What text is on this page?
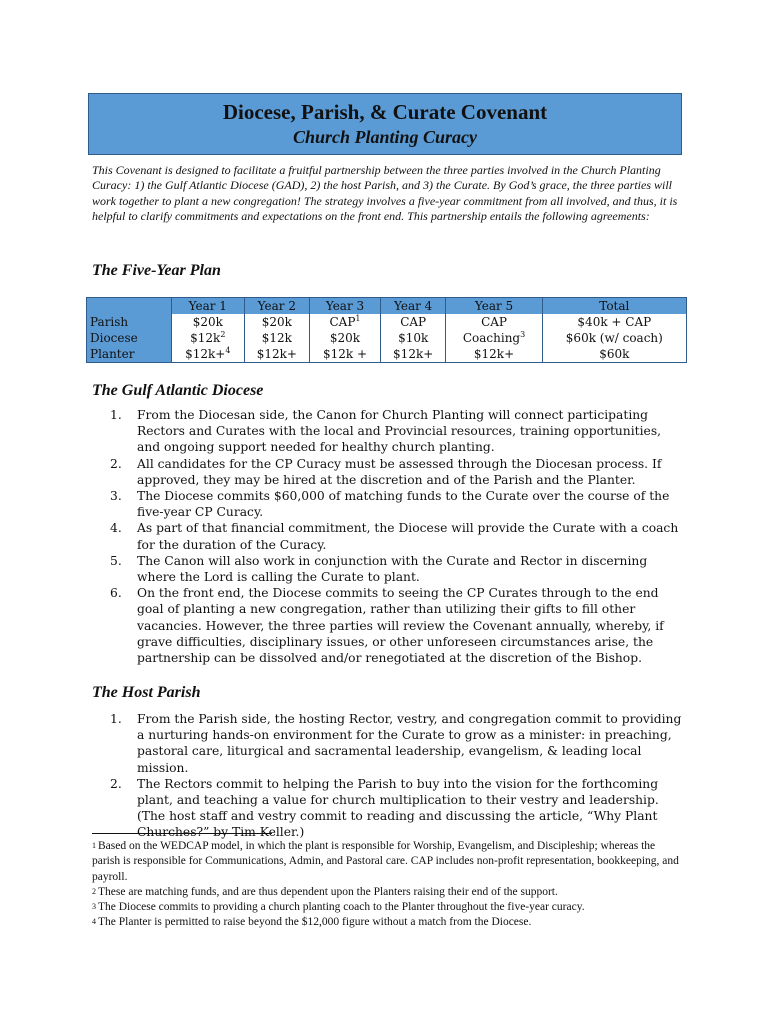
Diocese, Parish, & Curate Covenant
Church Planting Curacy

This Covenant is designed to facilitate a fruitful partnership between the three parties involved in the Church Planting Curacy: 1) the Gulf Atlantic Diocese (GAD), 2) the host Parish, and 3) the Curate. By God’s grace, the three parties will work together to plant a new congregation! The strategy involves a five-year commitment from all involved, and thus, it is helpful to clarify commitments and expectations on the front end. This partnership entails the following agreements:

The Five-Year Plan
	Year 1	Year 2	Year 3	Year 4	Year 5	Total
Parish	$20k	$20k	CAP$^1$	CAP	CAP	$40k + CAP
Diocese	$\$12k^2$	$12k	$20k	$10k	Coaching$^3$	$60k (w/ coach)
Planter	$12k+$^4$	$12k+	$12k +	$12k+	$12k+	$60k
The Gulf Atlantic Diocese
1. From the Diocesan side, the Canon for Church Planting will connect participating Rectors and Curates with the local and Provincial resources, training opportunities, and ongoing support needed for healthy church planting.
2. All candidates for the CP Curacy must be assessed through the Diocesan process. If approved, they may be hired at the discretion and of the Parish and the Planter.
3. The Diocese commits $60,000 of matching funds to the Curate over the course of the five-year CP Curacy.
4. As part of that financial commitment, the Diocese will provide the Curate with a coach for the duration of the Curacy.
5. The Canon will also work in conjunction with the Curate and Rector in discerning where the Lord is calling the Curate to plant.
6. On the front end, the Diocese commits to seeing the CP Curates through to the end goal of planting a new congregation, rather than utilizing their gifts to fill other vacancies. However, the three parties will review the Covenant annually, whereby, if grave difficulties, disciplinary issues, or other unforeseen circumstances arise, the partnership can be dissolved and/or renegotiated at the discretion of the Bishop.
The Host Parish
1. From the Parish side, the hosting Rector, vestry, and congregation commit to providing a nurturing hands-on environment for the Curate to grow as a minister: in preaching, pastoral care, liturgical and sacramental leadership, evangelism, & leading local mission.
2. The Rectors commit to helping the Parish to buy into the vision for the forthcoming plant, and teaching a value for church multiplication to their vestry and leadership. (The host staff and vestry commit to reading and discussing the article, “Why Plant Churches?” by Tim Keller.)

$^1$ Based on the WEDCAP model, in which the plant is responsible for Worship, Evangelism, and Discipleship; whereas the parish is responsible for Communications, Admin, and Pastoral care. CAP includes non-profit representation, bookkeeping, and payroll.

$^2$ These are matching funds, and are thus dependent upon the Planters raising their end of the support.

$^3$ The Diocese commits to providing a church planting coach to the Planter throughout the five-year curacy.

$^4$ The Planter is permitted to raise beyond the $12,000 figure without a match from the Diocese.
